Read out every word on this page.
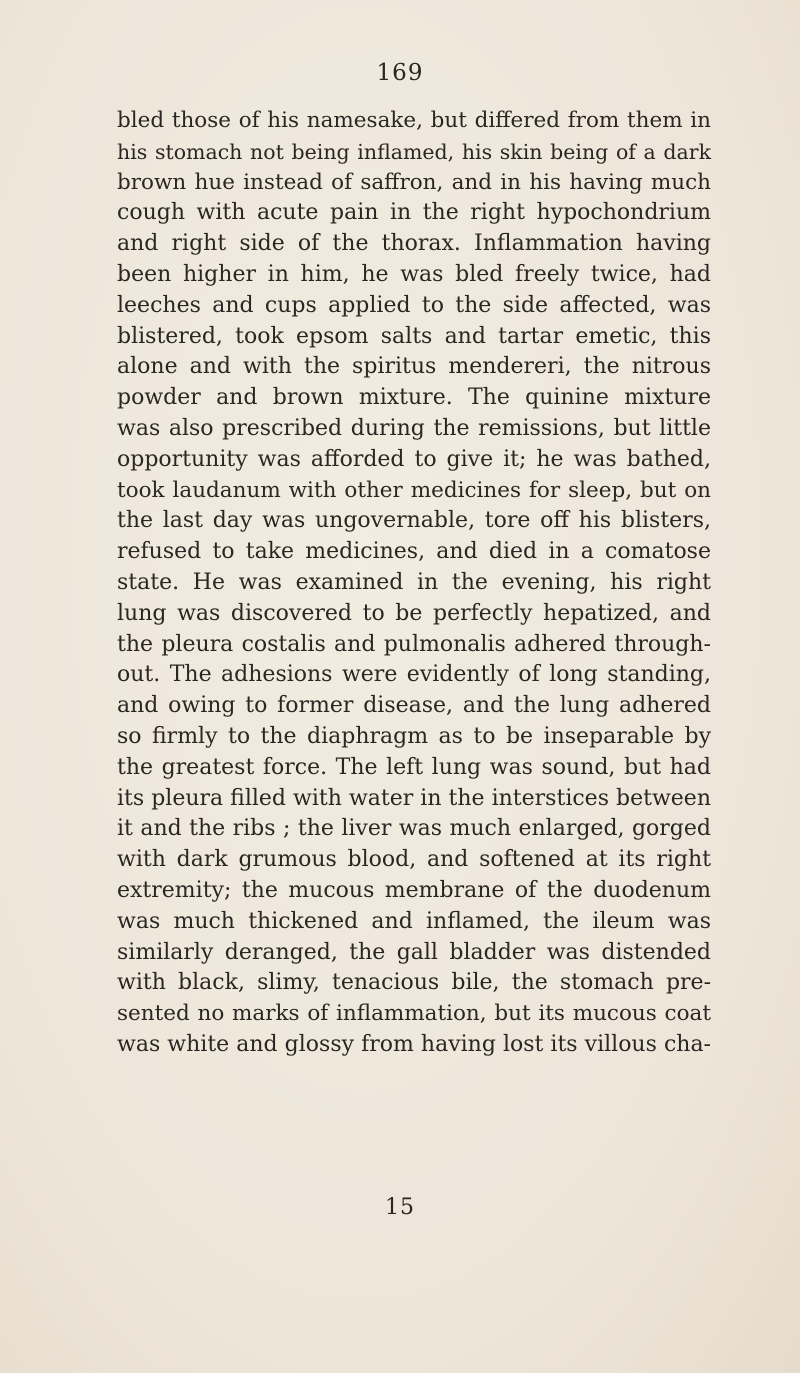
169
bled those of his namesake, but differed from them in
his stomach not being inflamed, his skin being of a dark
brown hue instead of saffron, and in his having much
cough with acute pain in the right hypochondrium
and right side of the thorax. Inflammation having
been higher in him, he was bled freely twice, had
leeches and cups applied to the side affected, was
blistered, took epsom salts and tartar emetic, this
alone and with the spiritus mendereri, the nitrous
powder and brown mixture. The quinine mixture
was also prescribed during the remissions, but little
opportunity was afforded to give it; he was bathed,
took laudanum with other medicines for sleep, but on
the last day was ungovernable, tore off his blisters,
refused to take medicines, and died in a comatose
state. He was examined in the evening, his right
lung was discovered to be perfectly hepatized, and
the pleura costalis and pulmonalis adhered through-
out. The adhesions were evidently of long standing,
and owing to former disease, and the lung adhered
so firmly to the diaphragm as to be inseparable by
the greatest force. The left lung was sound, but had
its pleura filled with water in the interstices between
it and the ribs ; the liver was much enlarged, gorged
with dark grumous blood, and softened at its right
extremity; the mucous membrane of the duodenum
was much thickened and inflamed, the ileum was
similarly deranged, the gall bladder was distended
with black, slimy, tenacious bile, the stomach pre-
sented no marks of inflammation, but its mucous coat
was white and glossy from having lost its villous cha-
15
